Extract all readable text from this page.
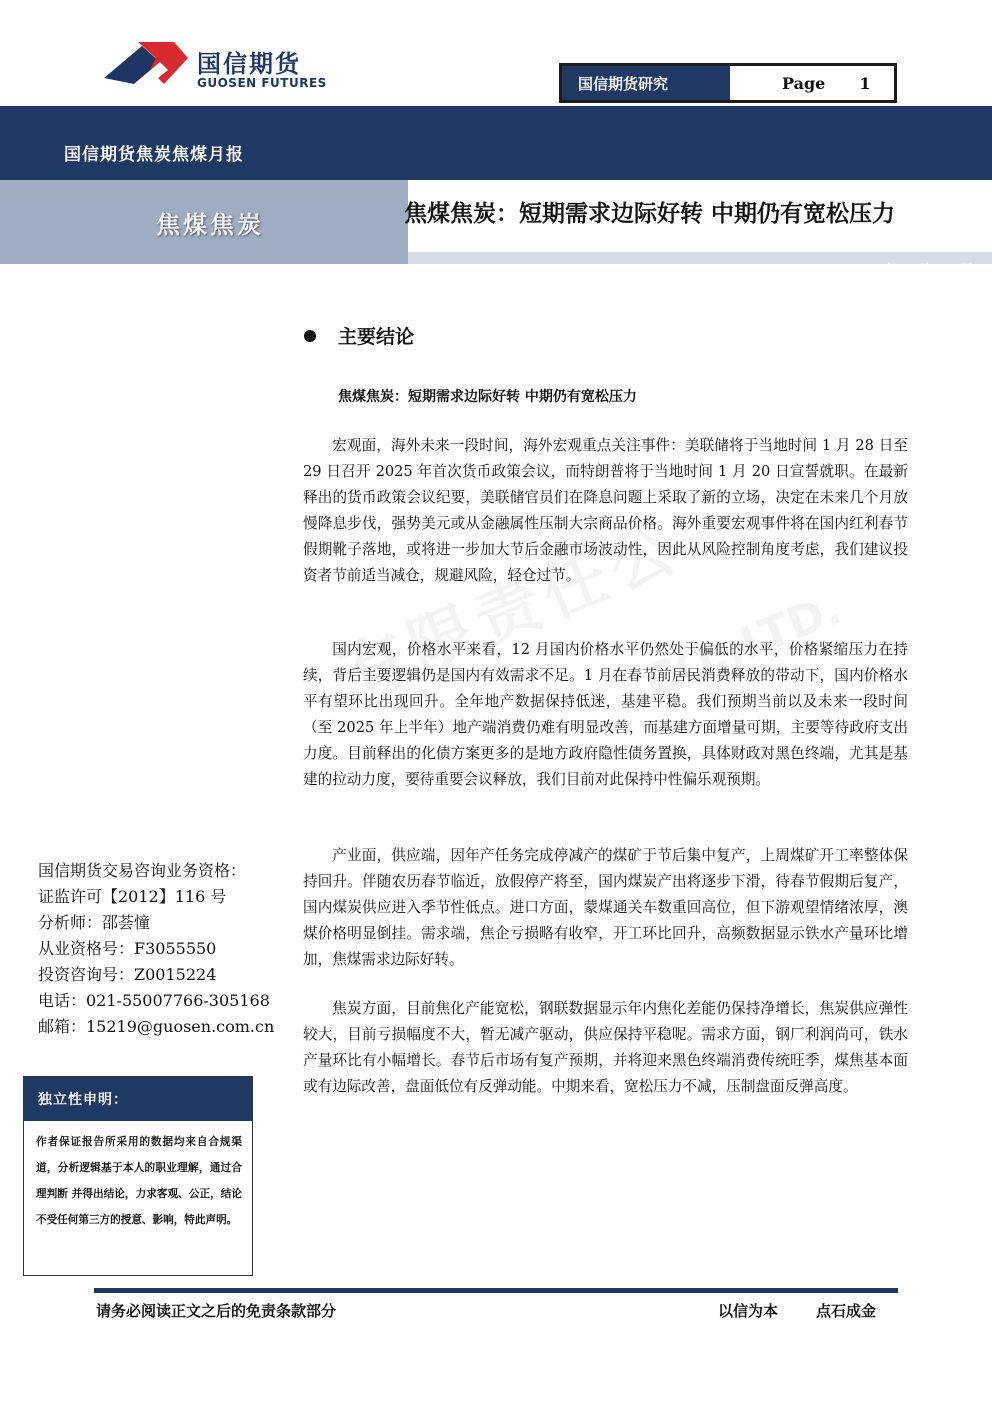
国信期货
GUOSEN FUTURES	国信期货研究	Page 1
国信期货焦炭焦煤月报
焦煤焦炭	焦煤焦炭：短期需求边际好转 中期仍有宽松压力
2025 年 1 月 19 日
主要结论
焦煤焦炭：短期需求边际好转 中期仍有宽松压力

宏观面，海外未来一段时间，海外宏观重点关注事件：美联储将于当地时间 1 月 28 日至 29 日召开 2025 年首次货币政策会议，而特朗普将于当地时间 1 月 20 日宣誓就职。在最新释出的货币政策会议纪要，美联储官员们在降息问题上采取了新的立场，决定在未来几个月放慢降息步伐，强势美元或从金融属性压制大宗商品价格。海外重要宏观事件将在国内红利春节假期靴子落地，或将进一步加大节后金融市场波动性，因此从风险控制角度考虑，我们建议投资者节前适当减仓，规避风险，轻仓过节。

国内宏观，价格水平来看，12 月国内价格水平仍然处于偏低的水平，价格紧缩压力在持续，背后主要逻辑仍是国内有效需求不足。1 月在春节前居民消费释放的带动下，国内价格水平有望环比出现回升。全年地产数据保持低迷，基建平稳。我们预期当前以及未来一段时间（至 2025 年上半年）地产端消费仍难有明显改善，而基建方面增量可期，主要等待政府支出力度。目前释出的化债方案更多的是地方政府隐性债务置换，具体财政对黑色终端，尤其是基建的拉动力度，要待重要会议释放，我们目前对此保持中性偏乐观预期。

产业面，供应端，因年产任务完成停减产的煤矿于节后集中复产，上周煤矿开工率整体保持回升。伴随农历春节临近，放假停产将至，国内煤炭产出将逐步下滑，待春节假期后复产，国内煤炭供应进入季节性低点。进口方面，蒙煤通关车数重回高位，但下游观望情绪浓厚，澳煤价格明显倒挂。需求端，焦企亏损略有收窄，开工环比回升，高频数据显示铁水产量环比增加，焦煤需求边际好转。

焦炭方面，目前焦化产能宽松，钢联数据显示年内焦化差能仍保持净增长，焦炭供应弹性较大，目前亏损幅度不大，暂无减产驱动，供应保持平稳呢。需求方面，钢厂利润尚可，铁水产量环比有小幅增长。春节后市场有复产预期，并将迎来黑色终端消费传统旺季，煤焦基本面或有边际改善，盘面低位有反弹动能。中期来看，宽松压力不减，压制盘面反弹高度。

国信期货交易咨询业务资格：
证监许可【2012】116 号
分析师：邵荟憧
从业资格号：F3055550
投资咨询号：Z0015224
电话：021-55007766-305168
邮箱：15219@guosen.com.cn
独立性申明：
作者保证报告所采用的数据均来自合规渠道，分析逻辑基于本人的职业理解，通过合理判断 并得出结论，力求客观、公正，结论不受任何第三方的授意、影响，特此声明。
请务必阅读正文之后的免责条款部分	以信为本	点石成金
